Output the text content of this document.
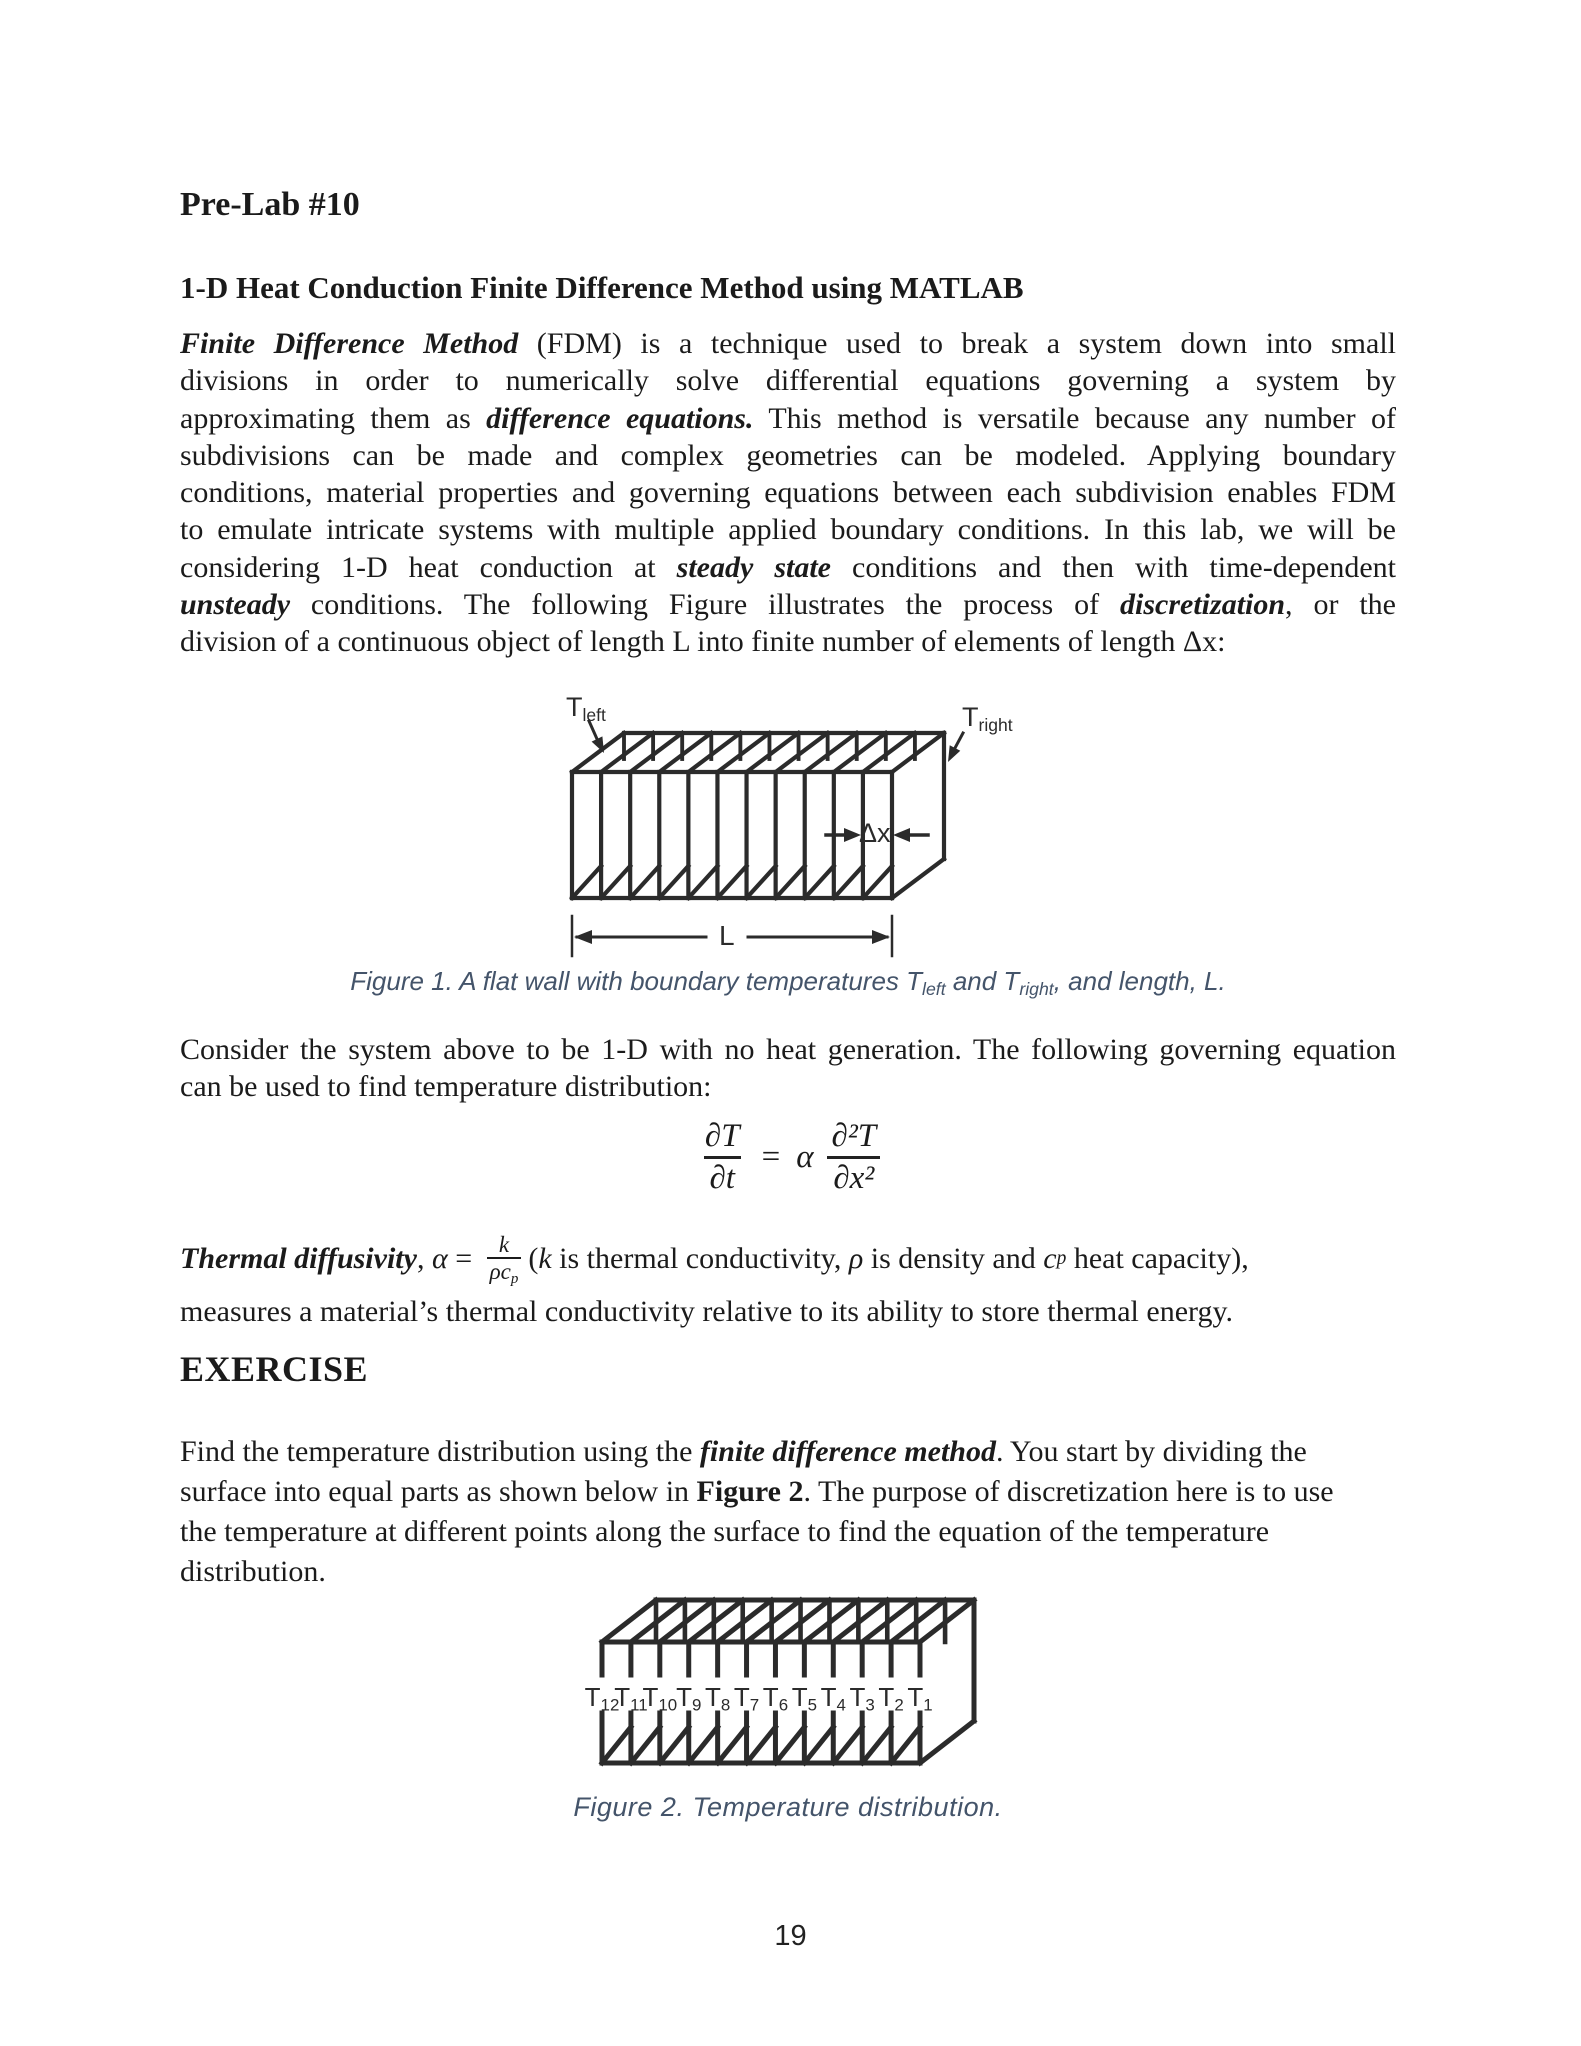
Pre-Lab #10
1-D Heat Conduction Finite Difference Method using MATLAB
Finite Difference Method (FDM) is a technique used to break a system down into small
divisions in order to numerically solve differential equations governing a system by
approximating them as difference equations. This method is versatile because any number of
subdivisions can be made and complex geometries can be modeled. Applying boundary
conditions, material properties and governing equations between each subdivision enables FDM
to emulate intricate systems with multiple applied boundary conditions. In this lab, we will be
considering 1-D heat conduction at steady state conditions and then with time-dependent
unsteady conditions. The following Figure illustrates the process of discretization, or the
division of a continuous object of length L into finite number of elements of length Δx:
$T_{left}$	$T_{right}$
Δx
L
Figure 1. A flat wall with boundary temperatures $T_{left}$ and $T_{right}$, and length, L.
Consider the system above to be 1-D with no heat generation. The following governing equation
can be used to find temperature distribution:
$\frac{\partial T}{\partial t} = \alpha \frac{\text{∂²T}}{\text{∂x²}}$
Thermal diffusivity , α = k
$\rho c_p$
( k is thermal conductivity, ρ is density and c p heat capacity),
measures a material’s thermal conductivity relative to its ability to store thermal energy.
EXERCISE
Find the temperature distribution using the finite difference method. You start by dividing the
surface into equal parts as shown below in Figure 2. The purpose of discretization here is to use
the temperature at different points along the surface to find the equation of the temperature
distribution.
$T_{12}$
$T_{11}$
$T_{10}$
$T_9$ $T_8$ $T_7$ $T_6$ $T_5$ $T_4$ $T_3$ $T_2$ $T_1$
Figure 2. Temperature distribution.
19
